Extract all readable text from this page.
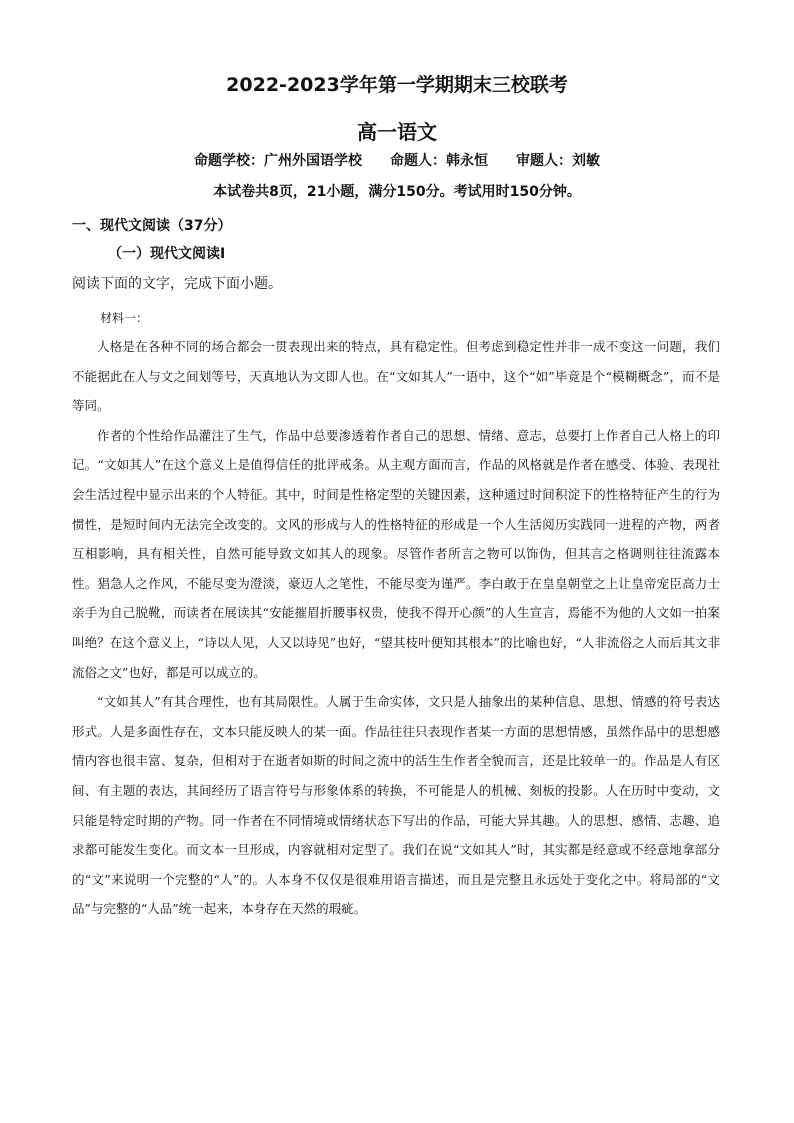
2022-2023学年第一学期期末三校联考
高一语文
命题学校：广州外国语学校 命题人：韩永恒 审题人：刘敏
本试卷共8页，21小题，满分150分。考试用时150分钟。
一、现代文阅读（37分）
（一）现代文阅读Ⅰ
阅读下面的文字，完成下面小题。
材料一：

人格是在各种不同的场合都会一贯表现出来的特点，具有稳定性。但考虑到稳定性并非一成不变这一问题，我们不能据此在人与文之间划等号，天真地认为文即人也。在“文如其人”一语中，这个“如”毕竟是个“模糊概念”，而不是等同。

作者的个性给作品灌注了生气，作品中总要渗透着作者自己的思想、情绪、意志，总要打上作者自己人格上的印记。“文如其人”在这个意义上是值得信任的批评戒条。从主观方面而言，作品的风格就是作者在感受、体验、表现社会生活过程中显示出来的个人特征。其中，时间是性格定型的关键因素，这种通过时间积淀下的性格特征产生的行为惯性，是短时间内无法完全改变的。文风的形成与人的性格特征的形成是一个人生活阅历实践同一进程的产物，两者互相影响，具有相关性，自然可能导致文如其人的现象。尽管作者所言之物可以饰伪，但其言之格调则往往流露本性。猖急人之作风，不能尽变为澄淡，豪迈人之笔性，不能尽变为谨严。李白敢于在皇皇朝堂之上让皇帝宠臣高力士亲手为自己脱靴，而读者在展读其“安能摧眉折腰事权贵，使我不得开心颜”的人生宣言，焉能不为他的人文如一拍案叫绝？在这个意义上，“诗以人见，人又以诗见”也好，“望其枝叶便知其根本”的比喻也好，“人非流俗之人而后其文非流俗之文”也好，都是可以成立的。

“文如其人”有其合理性，也有其局限性。人属于生命实体，文只是人抽象出的某种信息、思想、情感的符号表达形式。人是多面性存在，文本只能反映人的某一面。作品往往只表现作者某一方面的思想情感，虽然作品中的思想感情内容也很丰富、复杂，但相对于在逝者如斯的时间之流中的活生生作者全貌而言，还是比较单一的。作品是人有区间、有主题的表达，其间经历了语言符号与形象体系的转换，不可能是人的机械、刻板的投影。人在历时中变动，文只能是特定时期的产物。同一作者在不同情境或情绪状态下写出的作品，可能大异其趣。人的思想、感情、志趣、追求都可能发生变化。而文本一旦形成，内容就相对定型了。我们在说“文如其人”时，其实都是经意或不经意地拿部分的“文”来说明一个完整的“人”的。人本身不仅仅是很难用语言描述，而且是完整且永远处于变化之中。将局部的“文品”与完整的“人品”统一起来，本身存在天然的瑕疵。
